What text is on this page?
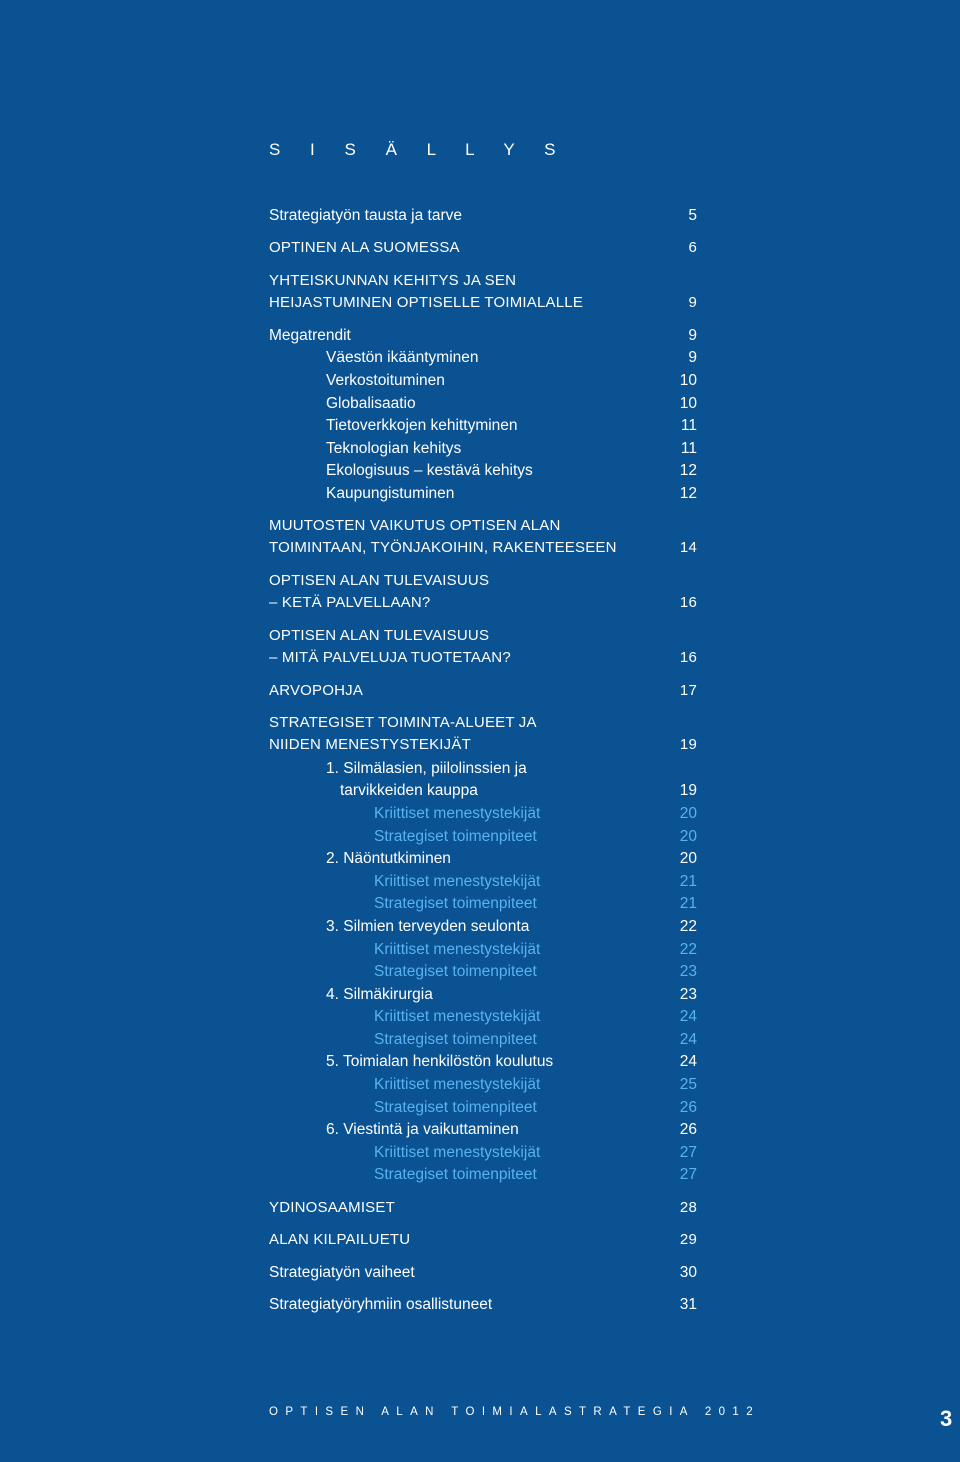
S I S Ä L L Y S
Strategiatyön tausta ja tarve	5
OPTINEN ALA SUOMESSA	6
YHTEISKUNNAN KEHITYS JA SEN
HEIJASTUMINEN OPTISELLE TOIMIALALLE	9
Megatrendit	9
Väestön ikääntyminen	9
Verkostoituminen	10
Globalisaatio	10
Tietoverkkojen kehittyminen	11
Teknologian kehitys	11
Ekologisuus – kestävä kehitys	12
Kaupungistuminen	12
MUUTOSTEN VAIKUTUS OPTISEN ALAN
TOIMINTAAN, TYÖNJAKOIHIN, RAKENTEESEEN	14
OPTISEN ALAN TULEVAISUUS
– KETÄ PALVELLAAN?	16
OPTISEN ALAN TULEVAISUUS
– MITÄ PALVELUJA TUOTETAAN?	16
ARVOPOHJA	17
STRATEGISET TOIMINTA-ALUEET JA
NIIDEN MENESTYSTEKIJÄT	19
1. Silmälasien, piilolinssien ja
tarvikkeiden kauppa	19
Kriittiset menestystekijät	20
Strategiset toimenpiteet	20
2. Näöntutkiminen	20
Kriittiset menestystekijät	21
Strategiset toimenpiteet	21
3. Silmien terveyden seulonta	22
Kriittiset menestystekijät	22
Strategiset toimenpiteet	23
4. Silmäkirurgia	23
Kriittiset menestystekijät	24
Strategiset toimenpiteet	24
5. Toimialan henkilöstön koulutus	24
Kriittiset menestystekijät	25
Strategiset toimenpiteet	26
6. Viestintä ja vaikuttaminen	26
Kriittiset menestystekijät	27
Strategiset toimenpiteet	27
YDINOSAAMISET	28
ALAN KILPAILUETU	29
Strategiatyön vaiheet	30
Strategiatyöryhmiin osallistuneet	31
OPTISEN ALAN TOIMIALASTRATEGIA 2012	3
